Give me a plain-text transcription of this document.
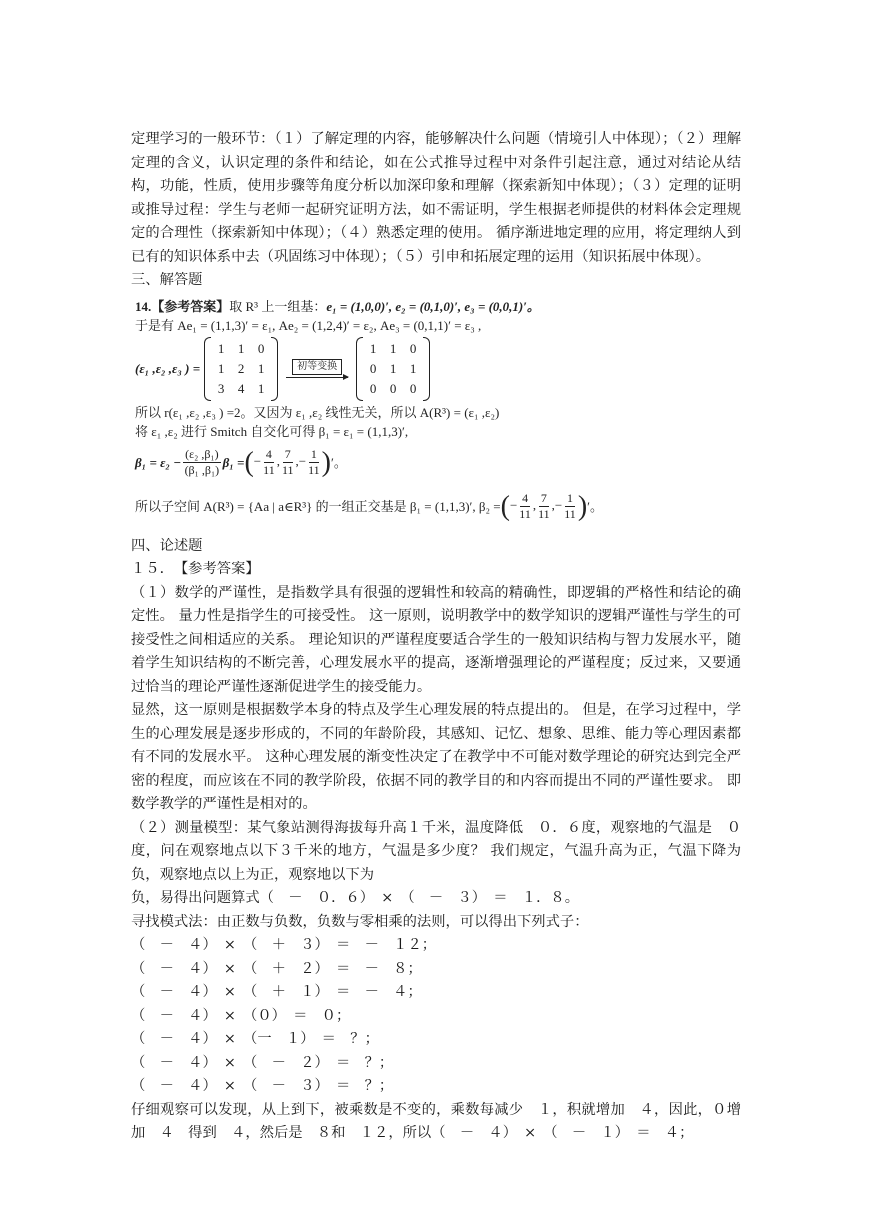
定理学习的一般环节：（１）了解定理的内容，能够解决什么问题（情境引人中体现）；（２）理解定理的含义，认识定理的条件和结论，如在公式推导过程中对条件引起注意，通过对结论从结构，功能，性质，使用步骤等角度分析以加深印象和理解（探索新知中体现）；（３）定理的证明或推导过程：学生与老师一起研究证明方法，如不需证明，学生根据老师提供的材料体会定理规定的合理性（探索新知中体现）；（４）熟悉定理的使用。 循序渐进地定理的应用，将定理纳人到已有的知识体系中去（巩固练习中体现）；（５）引申和拓展定理的运用（知识拓展中体现）。

三、解答题

14.【参考答案】取 R³ 上一组基：e₁ = (1,0,0)′, e₂ = (0,1,0)′, e₃ = (0,0,1)′。
于是有 Ae₁ = (1,1,3)′ = ε₁, Ae₂ = (1,2,4)′ = ε₂, Ae₃ = (0,1,1)′ = ε₃ ,
(ε₁ ,ε₂ ,ε₃ ) =
1	1	0
1	2	1
3	4	1
初等变换
1	1	0
0	1	1
0	0	0
所以 r(ε₁ ,ε₂ ,ε₃ ) =2。又因为 ε₁ ,ε₂ 线性无关，所以 A(R³) = (ε₁ ,ε₂)
将 ε₁ ,ε₂ 进行 Smitch 自交化可得 β₁ = ε₁ = (1,1,3)′,
$\beta_1 = \varepsilon_2 - \frac{\text{(ε₂ ,β₁)}}{\text{(β₁ ,β₁)}} \beta_1$ = ( − $\frac{4}{11}$ , $\frac{7}{11}$ ,− $\frac{1}{11}$ ) ′。
所以子空间 A(R³) = {Aa | a∈R³} 的一组正交基是 β₁ = (1,1,3)′, β₂ = ( − $\frac{4}{11}$ , $\frac{7}{11}$ ,− $\frac{1}{11}$ ) ′。

四、论述题

１５．　【参考答案】

（１）数学的严谨性，是指数学具有很强的逻辑性和较高的精确性，即逻辑的严格性和结论的确定性。 量力性是指学生的可接受性。 这一原则，说明教学中的数学知识的逻辑严谨性与学生的可接受性之间相适应的关系。 理论知识的严谨程度要适合学生的一般知识结构与智力发展水平，随着学生知识结构的不断完善，心理发展水平的提高，逐渐增强理论的严谨程度；反过来，又要通过恰当的理论严谨性逐渐促进学生的接受能力。

显然，这一原则是根据数学本身的特点及学生心理发展的特点提出的。 但是，在学习过程中，学生的心理发展是逐步形成的，不同的年龄阶段，其感知、记忆、想象、思维、能力等心理因素都有不同的发展水平。 这种心理发展的渐变性决定了在教学中不可能对数学理论的研究达到完全严密的程度，而应该在不同的教学阶段，依据不同的教学目的和内容而提出不同的严谨性要求。 即数学教学的严谨性是相对的。

（２）测量模型：某气象站测得海拔每升高１千米，温度降低　０．６度，观察地的气温是　０度，问在观察地点以下３千米的地方，气温是多少度？ 我们规定，气温升高为正，气温下降为负，观察地点以上为正，观察地以下为

负，易得出问题算式（　－　０．６）　×　（　－　３）　＝　１．８。

寻找模式法：由正数与负数，负数与零相乘的法则，可以得出下列式子：

（　－　４）　×　（　＋　３）　＝　－　１２；

（　－　４）　×　（　＋　２）　＝　－　８；

（　－　４）　×　（　＋　１）　＝　－　４；

（　－　４）　×　（０）　＝　０；

（　－　４）　×　（一　１）　＝　？；

（　－　４）　×　（　－　２）　＝　？；

（　－　４）　×　（　－　３）　＝　？；

仔细观察可以发现，从上到下，被乘数是不变的，乘数每减少　１，积就增加　４，因此，０增加　４　得到　４，然后是　８和　１２，所以（　－　４）　×　（　－　１）　＝　４；
